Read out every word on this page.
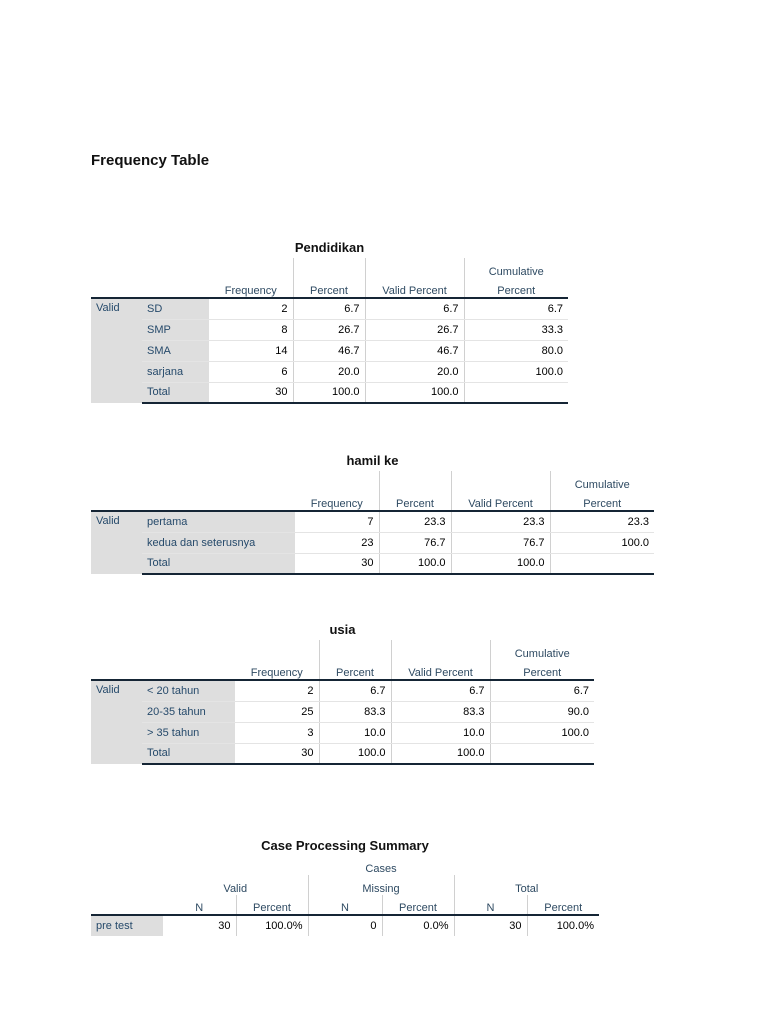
Frequency Table
Pendidikan
					Cumulative
		Frequency	Percent	Valid Percent	Percent
Valid	SD	2	6.7	6.7	6.7
	SMP	8	26.7	26.7	33.3
	SMA	14	46.7	46.7	80.0
	sarjana	6	20.0	20.0	100.0
	Total	30	100.0	100.0	
hamil ke
					Cumulative
		Frequency	Percent	Valid Percent	Percent
Valid	pertama	7	23.3	23.3	23.3
	kedua dan seterusnya	23	76.7	76.7	100.0
	Total	30	100.0	100.0	
usia
					Cumulative
		Frequency	Percent	Valid Percent	Percent
Valid	< 20 tahun	2	6.7	6.7	6.7
	20-35 tahun	25	83.3	83.3	90.0
	> 35 tahun	3	10.0	10.0	100.0
	Total	30	100.0	100.0	
Case Processing Summary
	Cases					
	Valid		Missing		Total	
	N	Percent	N	Percent	N	Percent
pre test	30	100.0%	0	0.0%	30	100.0%
